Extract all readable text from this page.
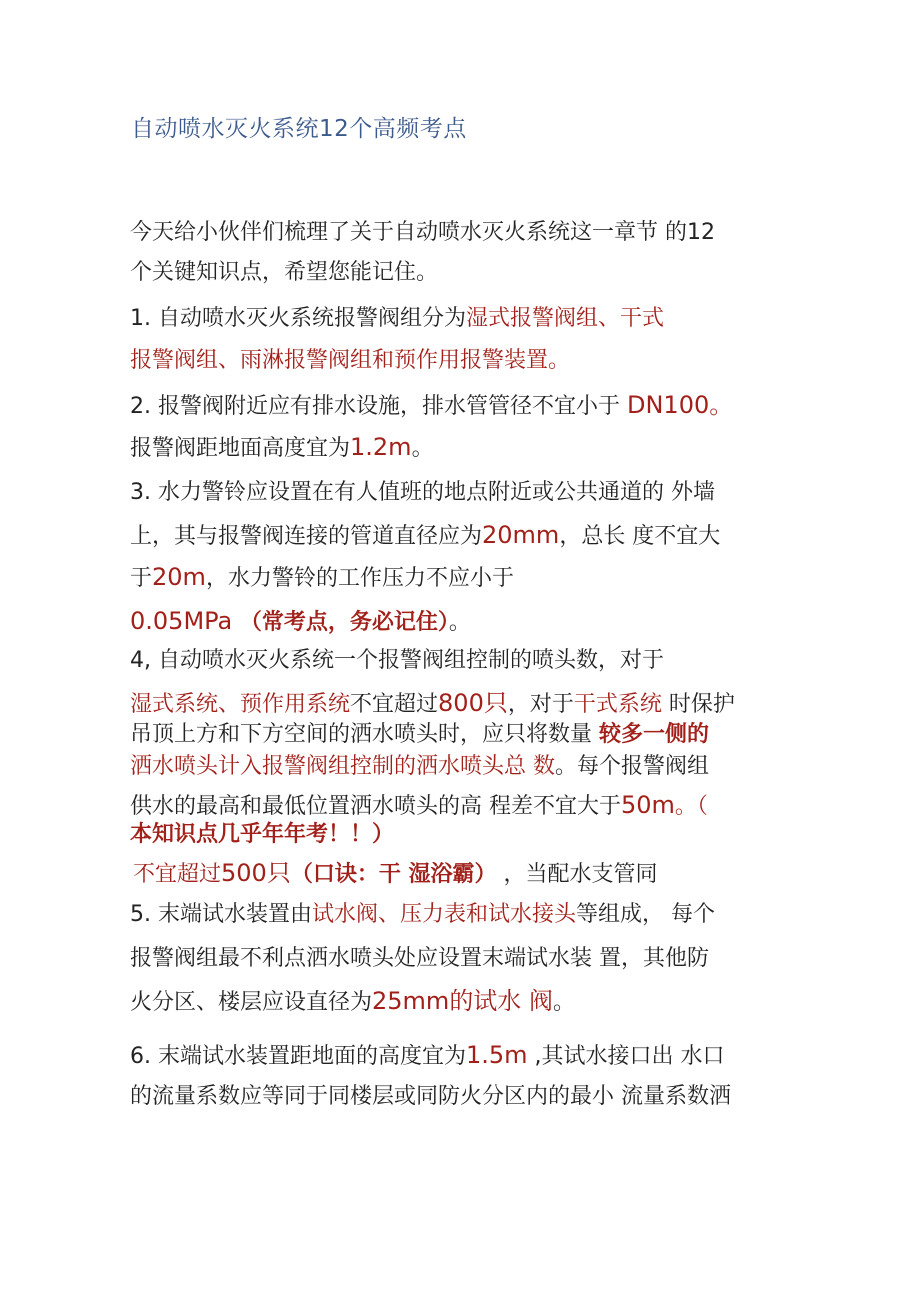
自动喷水灭火系统12个高频考点
今天给小伙伴们梳理了关于自动喷水灭火系统这一章节 的12
个关键知识点，希望您能记住。
1. 自动喷水灭火系统报警阀组分为湿式报警阀组、干式
报警阀组、雨淋报警阀组和预作用报警装置。
2. 报警阀附近应有排水设施，排水管管径不宜小于 DN100。
报警阀距地面高度宜为1.2m。
3. 水力警铃应设置在有人值班的地点附近或公共通道的 外墙
上，其与报警阀连接的管道直径应为20mm，总长 度不宜大
于20m，水力警铃的工作压力不应小于
0.05MPa （常考点，务必记住）。
4, 自动喷水灭火系统一个报警阀组控制的喷头数，对于
湿式系统、预作用系统不宜超过800只，对于干式系统 时保护
吊顶上方和下方空间的洒水喷头时，应只将数量 较多一侧的
洒水喷头计入报警阀组控制的洒水喷头总 数。每个报警阀组
供水的最高和最低位置洒水喷头的高 程差不宜大于50m。（
本知识点几乎年年考！！）
不宜超过500只（口诀：干 湿浴霸） ，当配水支管同
5. 末端试水装置由试水阀、压力表和试水接头等组成， 每个
报警阀组最不利点洒水喷头处应设置末端试水装 置，其他防
火分区、楼层应设直径为25mm的试水 阀。
6. 末端试水装置距地面的高度宜为1.5m ,其试水接口出 水口
的流量系数应等同于同楼层或同防火分区内的最小 流量系数洒
